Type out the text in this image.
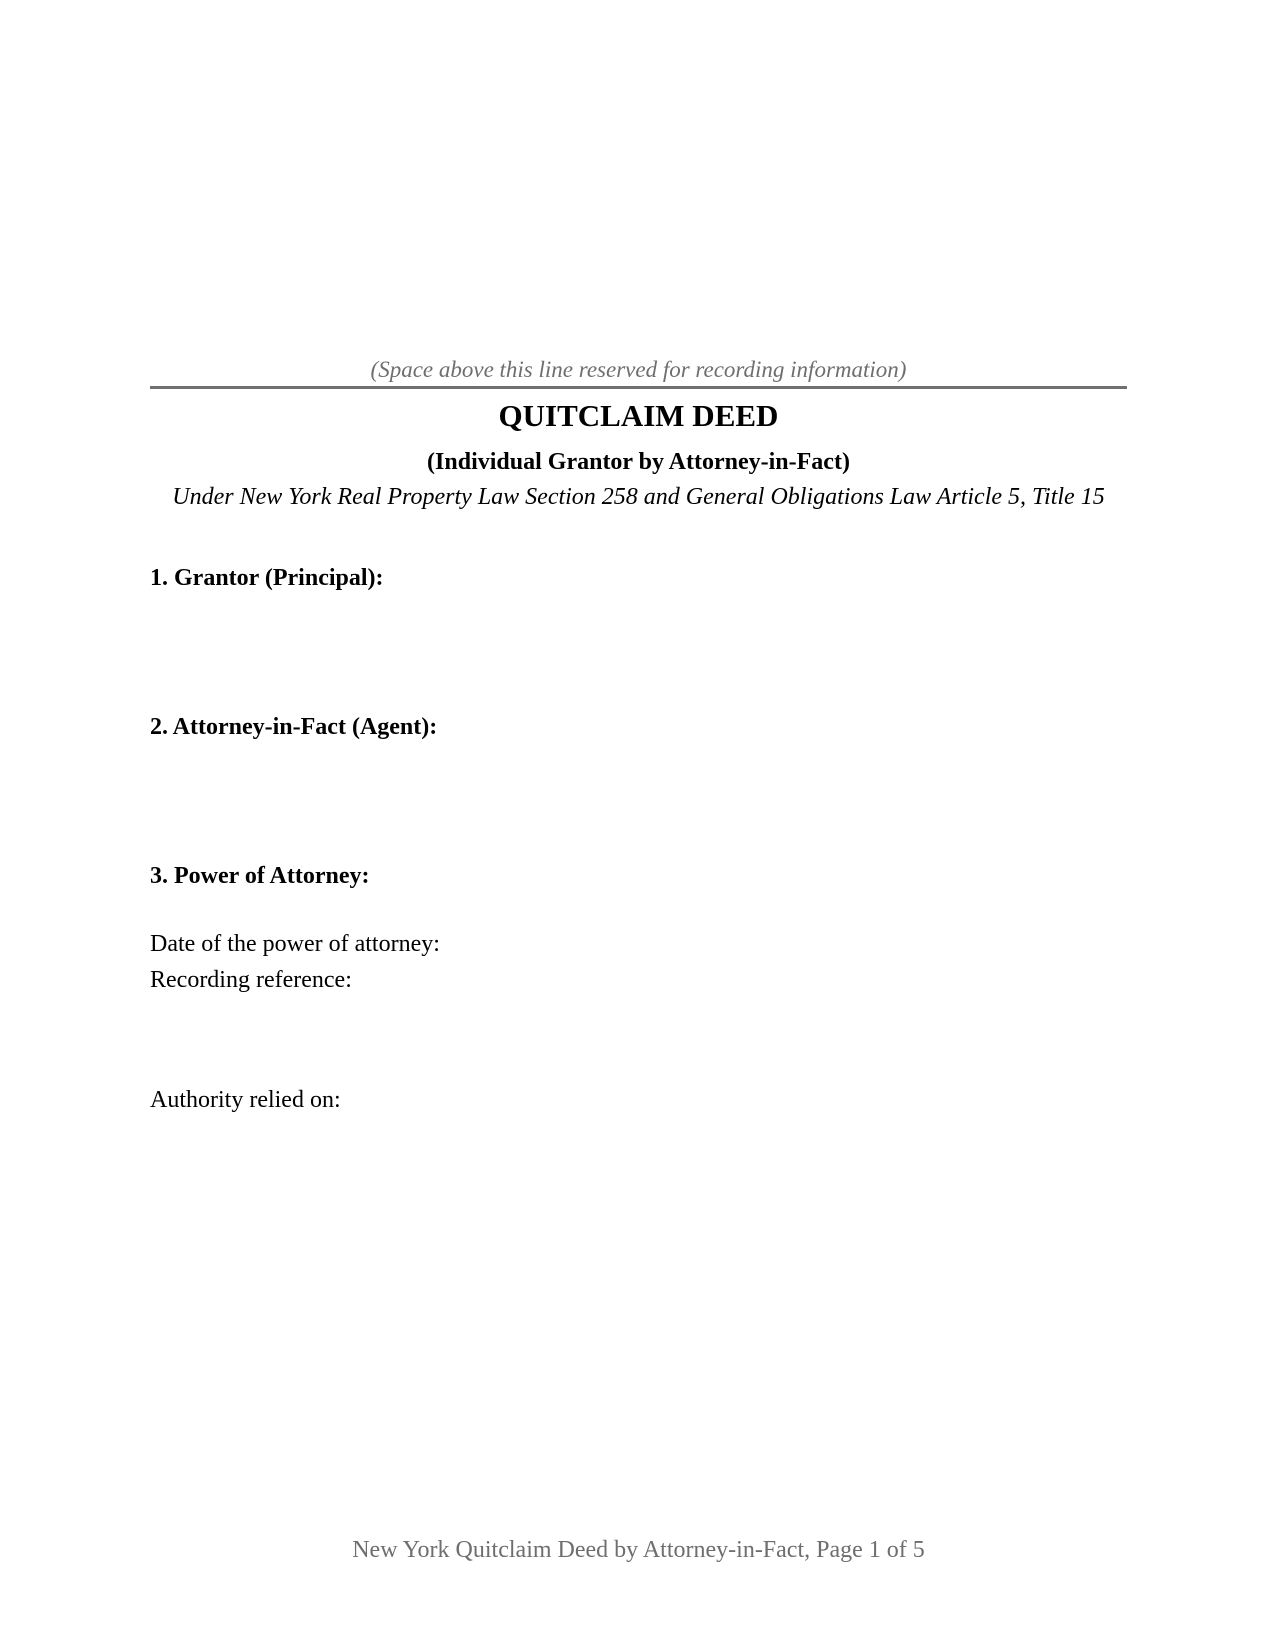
(Space above this line reserved for recording information)
QUITCLAIM DEED
(Individual Grantor by Attorney-in-Fact)
Under New York Real Property Law Section 258 and General Obligations Law Article 5, Title 15
1. Grantor (Principal):
2. Attorney-in-Fact (Agent):
3. Power of Attorney:
Date of the power of attorney:
Recording reference:
Authority relied on:
New York Quitclaim Deed by Attorney-in-Fact, Page 1 of 5
